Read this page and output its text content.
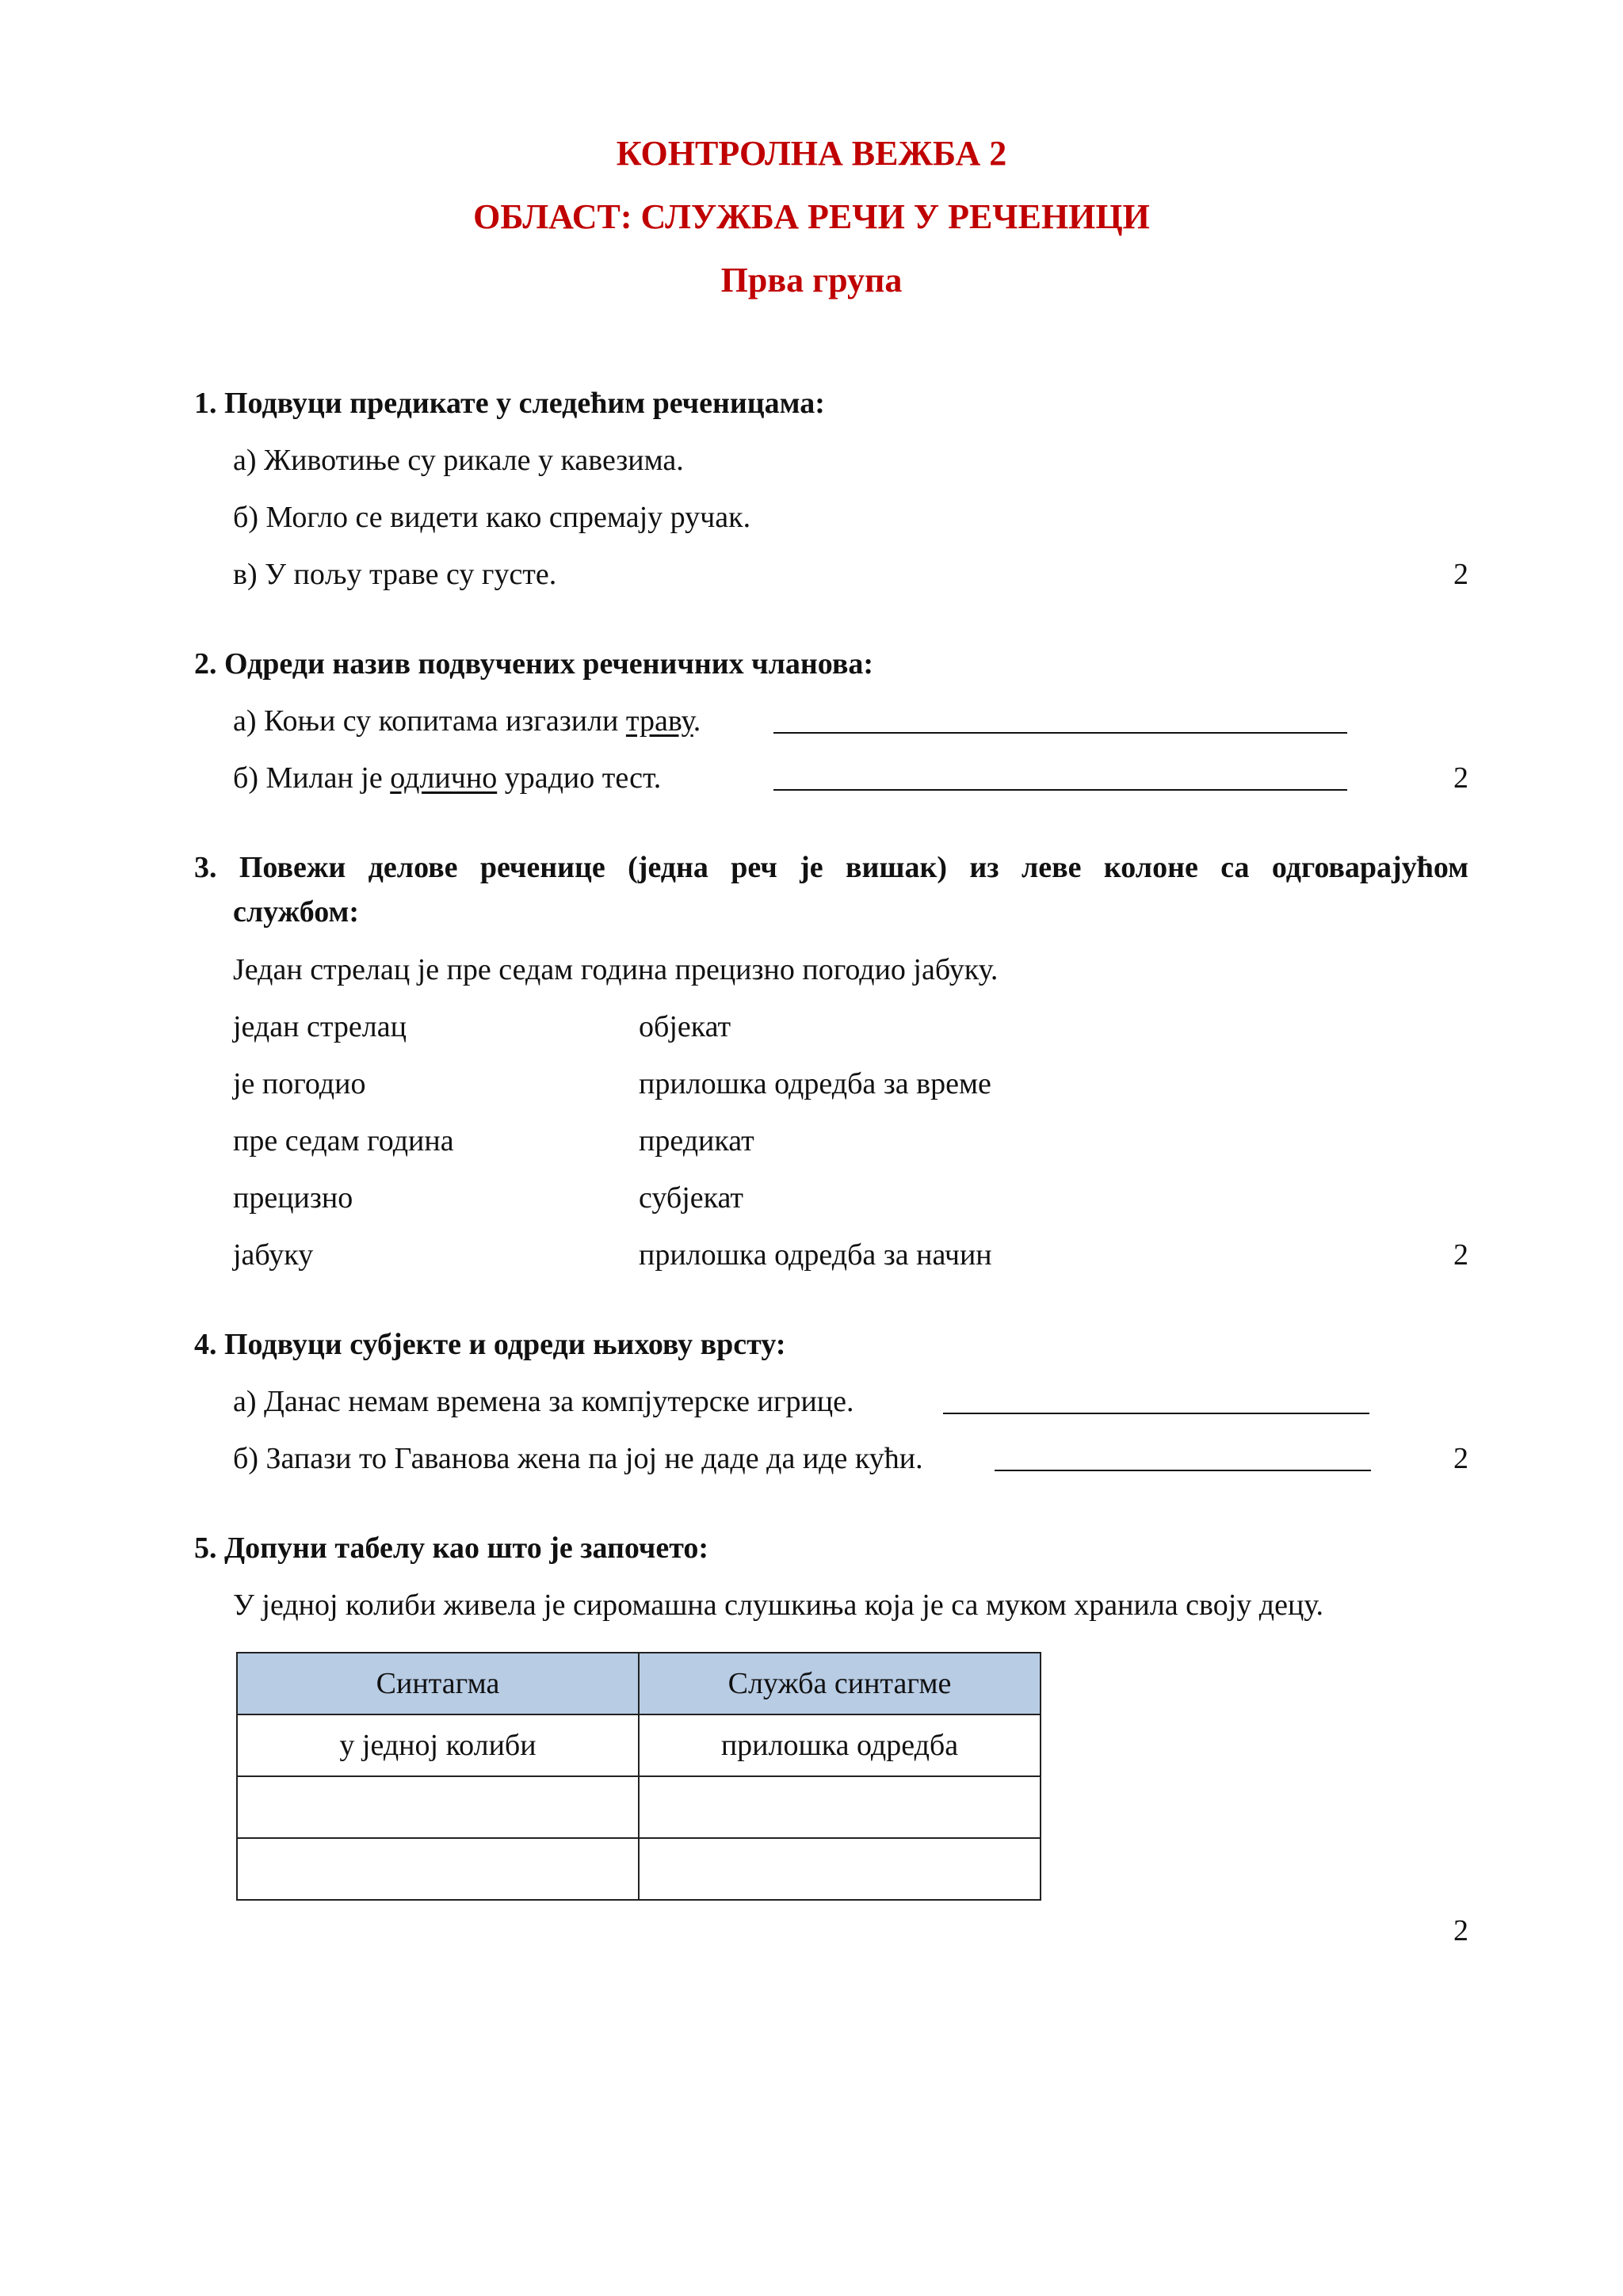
КОНТРОЛНА ВЕЖБА 2
ОБЛАСТ: СЛУЖБА РЕЧИ У РЕЧЕНИЦИ
Прва група
1. Подвуци предикате у следећим реченицама:
а) Животиње су рикале у кавезима.
б) Могло се видети како спремају ручак.
в) У пољу траве су густе.	2
2. Одреди назив подвучених реченичних чланова:
а) Коњи су копитама изгазили траву.
б) Милан је одлично урадио тест.	2
3. Повежи делове реченице (једна реч је вишак) из леве колоне са одговарајућом
службом:
Један стрелац је пре седам година прецизно погодио јабуку.
један стрелац	објекат
је погодио	прилошка одредба за време
пре седам година	предикат
прецизно	субјекат
јабуку	прилошка одредба за начин	2
4. Подвуци субјекте и одреди њихову врсту:
а) Данас немам времена за компјутерске игрице.
б) Запази то Гаванова жена па јој не даде да иде кући.	2
5. Допуни табелу као што је започето:
У једној колиби живела је сиромашна слушкиња која је са муком хранила своју децу.
Синтагма	Служба синтагме
у једној колиби	прилошка одредба

2
